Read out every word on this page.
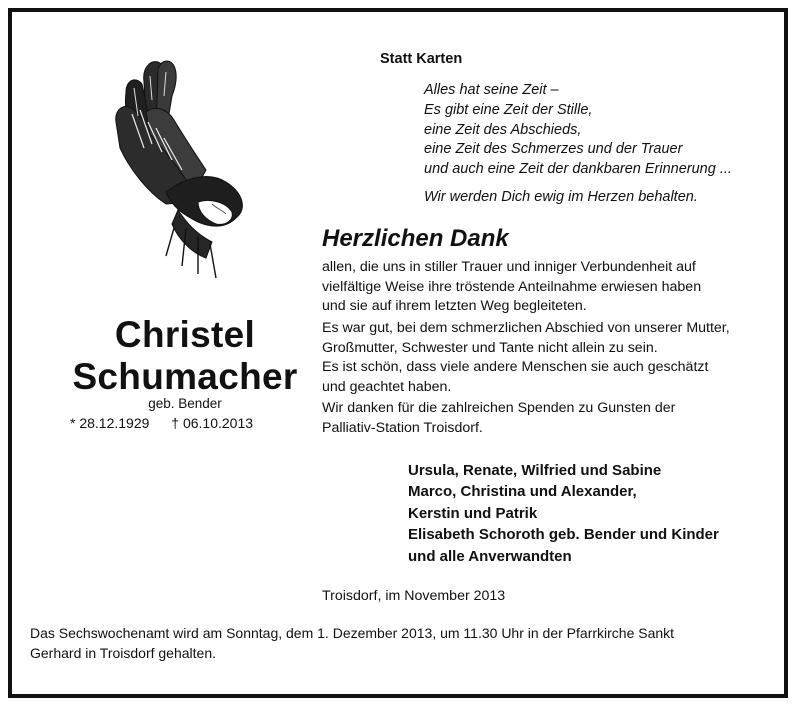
Statt Karten
Alles hat seine Zeit –
Es gibt eine Zeit der Stille,
eine Zeit des Abschieds,
eine Zeit des Schmerzes und der Trauer
und auch eine Zeit der dankbaren Erinnerung ...
Wir werden Dich ewig im Herzen behalten.
Christel
Schumacher
geb. Bender
* 28.12.1929 † 06.10.2013
Herzlichen Dank
allen, die uns in stiller Trauer und inniger Verbundenheit auf
vielfältige Weise ihre tröstende Anteilnahme erwiesen haben
und sie auf ihrem letzten Weg begleiteten.
Es war gut, bei dem schmerzlichen Abschied von unserer Mutter,
Großmutter, Schwester und Tante nicht allein zu sein.
Es ist schön, dass viele andere Menschen sie auch geschätzt
und geachtet haben.
Wir danken für die zahlreichen Spenden zu Gunsten der
Palliativ-Station Troisdorf.
Ursula, Renate, Wilfried und Sabine
Marco, Christina und Alexander,
Kerstin und Patrik
Elisabeth Schoroth geb. Bender und Kinder
und alle Anverwandten
Troisdorf, im November 2013
Das Sechswochenamt wird am Sonntag, dem 1. Dezember 2013, um 11.30 Uhr in der Pfarrkirche Sankt
Gerhard in Troisdorf gehalten.
